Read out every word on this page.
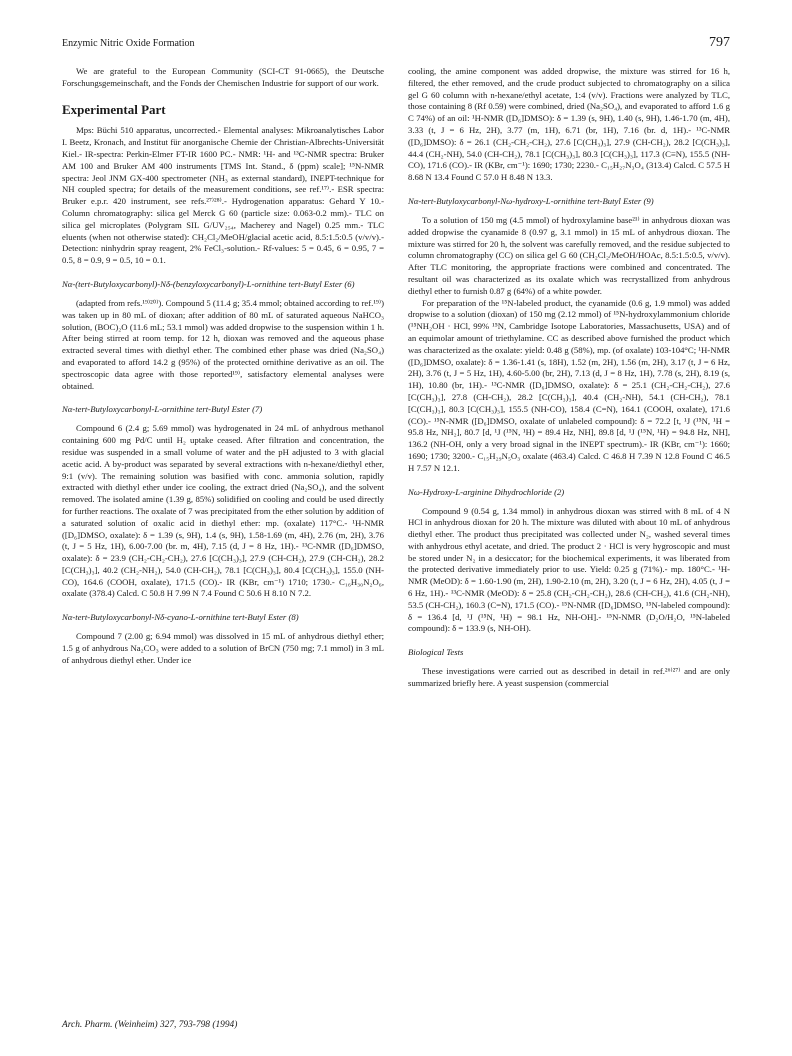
Enzymic Nitric Oxide Formation	797

We are grateful to the European Community (SCI-CT 91-0665), the Deutsche Forschungsgemeinschaft, and the Fonds der Chemischen Industrie for support of our work.

Experimental Part

Mps: Büchi 510 apparatus, uncorrected.- Elemental analyses: Mikroanalytisches Labor I. Beetz, Kronach, and Institut für anorganische Chemie der Christian-Albrechts-Universität Kiel.- IR-spectra: Perkin-Elmer FT-IR 1600 PC.- NMR: ¹H- and ¹³C-NMR spectra: Bruker AM 100 and Bruker AM 400 instruments [TMS Int. Stand., δ (ppm) scale]; ¹⁵N-NMR spectra: Jeol JNM GX-400 spectrometer (NH₃ as external standard), INEPT-technique for NH coupled spectra; for details of the measurement conditions, see ref.¹⁷⁾.- ESR spectra: Bruker e.p.r. 420 instrument, see refs.²⁷⁾²⁸⁾.- Hydrogenation apparatus: Gehard Y 10.- Column chromatography: silica gel Merck G 60 (particle size: 0.063-0.2 mm).- TLC on silica gel microplates (Polygram SIL G/UV₂₅₄, Macherey and Nagel) 0.25 mm.- TLC eluents (when not otherwise stated): CH₂Cl₂/MeOH/glacial acetic acid, 8.5:1.5:0.5 (v/v/v).- Detection: ninhydrin spray reagent, 2% FeCl₃-solution.- Rf-values: 5 = 0.45, 6 = 0.95, 7 = 0.5, 8 = 0.9, 9 = 0.5, 10 = 0.1.

Nα-(tert-Butyloxycarbonyl)-Nδ-(benzyloxycarbonyl)-L-ornithine tert-Butyl Ester (6)

(adapted from refs.¹⁹⁾²⁰⁾). Compound 5 (11.4 g; 35.4 mmol; obtained according to ref.¹⁹⁾) was taken up in 80 mL of dioxan; after addition of 80 mL of saturated aqueous NaHCO₃ solution, (BOC)₂O (11.6 mL; 53.1 mmol) was added dropwise to the suspension within 1 h. After being stirred at room temp. for 12 h, dioxan was removed and the aqueous phase extracted several times with diethyl ether. The combined ether phase was dried (Na₂SO₄) and evaporated to afford 14.2 g (95%) of the protected ornithine derivative as an oil. The spectroscopic data agree with those reported¹⁹⁾, satisfactory elemental analyses were obtained.

Nα-tert-Butyloxycarbonyl-L-ornithine tert-Butyl Ester (7)

Compound 6 (2.4 g; 5.69 mmol) was hydrogenated in 24 mL of anhydrous methanol containing 600 mg Pd/C until H₂ uptake ceased. After filtration and concentration, the residue was suspended in a small volume of water and the pH adjusted to 3 with glacial acetic acid. A by-product was separated by several extractions with n-hexane/diethyl ether, 9:1 (v/v). The remaining solution was basified with conc. ammonia solution, rapidly extracted with diethyl ether under ice cooling, the extract dried (Na₂SO₄), and the solvent removed. The isolated amine (1.39 g, 85%) solidified on cooling and could be used directly for further reactions. The oxalate of 7 was precipitated from the ether solution by addition of a saturated solution of oxalic acid in diethyl ether: mp. (oxalate) 117°C.- ¹H-NMR ([D₆]DMSO, oxalate): δ = 1.39 (s, 9H), 1.4 (s, 9H), 1.58-1.69 (m, 4H), 2.76 (m, 2H), 3.76 (t, J = 5 Hz, 1H), 6.00-7.00 (br. m, 4H), 7.15 (d, J = 8 Hz, 1H).- ¹³C-NMR ([D₆]DMSO, oxalate): δ = 23.9 (CH₂-CH₂-CH₂), 27.6 [C(CH₃)₃], 27.9 (CH-CH₂), 27.9 (CH-CH₂), 28.2 [C(CH₃)₃], 40.2 (CH₂-NH₂), 54.0 (CH-CH₂), 78.1 [C(CH₃)₃], 80.4 [C(CH₃)₃], 155.0 (NH-CO), 164.6 (COOH, oxalate), 171.5 (CO).- IR (KBr, cm⁻¹) 1710; 1730.- C₁₆H₃₀N₂O₆, oxalate (378.4) Calcd. C 50.8 H 7.99 N 7.4 Found C 50.6 H 8.10 N 7.2.

Nα-tert-Butyloxycarbonyl-Nδ-cyano-L-ornithine tert-Butyl Ester (8)

Compound 7 (2.00 g; 6.94 mmol) was dissolved in 15 mL of anhydrous diethyl ether; 1.5 g of anhydrous Na₂CO₃ were added to a solution of BrCN (750 mg; 7.1 mmol) in 3 mL of anhydrous diethyl ether. Under ice

cooling, the amine component was added dropwise, the mixture was stirred for 16 h, filtered, the ether removed, and the crude product subjected to chromatography on a silica gel G 60 column with n-hexane/ethyl acetate, 1:4 (v/v). Fractions were analyzed by TLC, those containing 8 (Rf 0.59) were combined, dried (Na₂SO₄), and evaporated to afford 1.6 g C 74%) of an oil: ¹H-NMR ([D₆]DMSO): δ = 1.39 (s, 9H), 1.40 (s, 9H), 1.46-1.70 (m, 4H), 3.33 (t, J = 6 Hz, 2H), 3.77 (m, 1H), 6.71 (br, 1H), 7.16 (br. d, 1H).- ¹³C-NMR ([D₆]DMSO): δ = 26.1 (CH₂-CH₂-CH₂), 27.6 [C(CH₃)₃], 27.9 (CH-CH₂), 28.2 [C(CH₃)₃], 44.4 (CH₂-NH), 54.0 (CH-CH₂), 78.1 [C(CH₃)₃], 80.3 [C(CH₃)₃], 117.3 (C≡N), 155.5 (NH-CO), 171.6 (CO).- IR (KBr, cm⁻¹): 1690; 1730; 2230.- C₁₅H₂₇N₃O₄ (313.4) Calcd. C 57.5 H 8.68 N 13.4 Found C 57.0 H 8.48 N 13.3.

Nα-tert-Butyloxycarbonyl-Nω-hydroxy-L-ornithine tert-Butyl Ester (9)

To a solution of 150 mg (4.5 mmol) of hydroxylamine base²¹⁾ in anhydrous dioxan was added dropwise the cyanamide 8 (0.97 g, 3.1 mmol) in 15 mL of anhydrous dioxan. The mixture was stirred for 20 h, the solvent was carefully removed, and the residue subjected to column chromatography (CC) on silica gel G 60 (CH₂Cl₂/MeOH/HOAc, 8.5:1.5:0.5, v/v/v). After TLC monitoring, the appropriate fractions were combined and concentrated. The resultant oil was characterized as its oxalate which was recrystallized from anhydrous diethyl ether to furnish 0.87 g (64%) of a white powder.

For preparation of the ¹⁵N-labeled product, the cyanamide (0.6 g, 1.9 mmol) was added dropwise to a solution (dioxan) of 150 mg (2.12 mmol) of ¹⁵N-hydroxylammonium chloride (¹⁵NH₂OH · HCl, 99% ¹⁵N, Cambridge Isotope Laboratories, Massachusetts, USA) and of an equimolar amount of triethylamine. CC as described above furnished the product which was characterized as the oxalate: yield: 0.48 g (58%), mp. (of oxalate) 103-104°C; ¹H-NMR ([D₆]DMSO, oxalate): δ = 1.36-1.41 (s, 18H), 1.52 (m, 2H), 1.56 (m, 2H), 3.17 (t, J = 6 Hz, 2H), 3.76 (t, J = 5 Hz, 1H), 4.60-5.00 (br, 2H), 7.13 (d, J = 8 Hz, 1H), 7.78 (s, 2H), 8.19 (s, 1H), 10.80 (br, 1H).- ¹³C-NMR ([D₆]DMSO, oxalate): δ = 25.1 (CH₂-CH₂-CH₂), 27.6 [C(CH₃)₃], 27.8 (CH-CH₂), 28.2 [C(CH₃)₃], 40.4 (CH₂-NH), 54.1 (CH-CH₂), 78.1 [C(CH₃)₃], 80.3 [C(CH₃)₃], 155.5 (NH-CO), 158.4 (C=N), 164.1 (COOH, oxalate), 171.6 (CO).- ¹⁵N-NMR ([D₆]DMSO, oxalate of unlabeled compound): δ = 72.2 [t, ¹J (¹⁵N, ¹H = 95.8 Hz, NH₂], 80.7 [d, ¹J (¹⁵N, ¹H) = 89.4 Hz, NH], 89.8 [d, ¹J (¹⁵N, ¹H) = 94.8 Hz, NH], 136.2 (NH-OH, only a very broad signal in the INEPT spectrum).- IR (KBr, cm⁻¹): 1660; 1690; 1730; 3200.- C₁₅H₂₉N₅O₃ oxalate (463.4) Calcd. C 46.8 H 7.39 N 12.8 Found C 46.5 H 7.57 N 12.1.

Nω-Hydroxy-L-arginine Dihydrochloride (2)

Compound 9 (0.54 g, 1.34 mmol) in anhydrous dioxan was stirred with 8 mL of 4 N HCl in anhydrous dioxan for 20 h. The mixture was diluted with about 10 mL of anhydrous diethyl ether. The product thus precipitated was collected under N₂, washed several times with anhydrous ethyl acetate, and dried. The product 2 · HCl is very hygroscopic and must be stored under N₂ in a desiccator; for the biochemical experiments, it was liberated from the protected derivative immediately prior to use. Yield: 0.25 g (71%).- mp. 180°C.- ¹H-NMR (MeOD): δ = 1.60-1.90 (m, 2H), 1.90-2.10 (m, 2H), 3.20 (t, J = 6 Hz, 2H), 4.05 (t, J = 6 Hz, 1H).- ¹³C-NMR (MeOD): δ = 25.8 (CH₂-CH₂-CH₂), 28.6 (CH-CH₂), 41.6 (CH₂-NH), 53.5 (CH-CH₂), 160.3 (C=N), 171.5 (CO).- ¹⁵N-NMR ([D₆]DMSO, ¹⁵N-labeled compound): δ = 136.4 [d, ¹J (¹⁵N, ¹H) = 98.1 Hz, NH-OH].- ¹⁵N-NMR (D₂O/H₂O, ¹⁵N-labeled compound): δ = 133.9 (s, NH-OH).

Biological Tests

These investigations were carried out as described in detail in ref.²⁶⁾²⁷⁾ and are only summarized briefly here. A yeast suspension (commercial

Arch. Pharm. (Weinheim) 327, 793-798 (1994)
